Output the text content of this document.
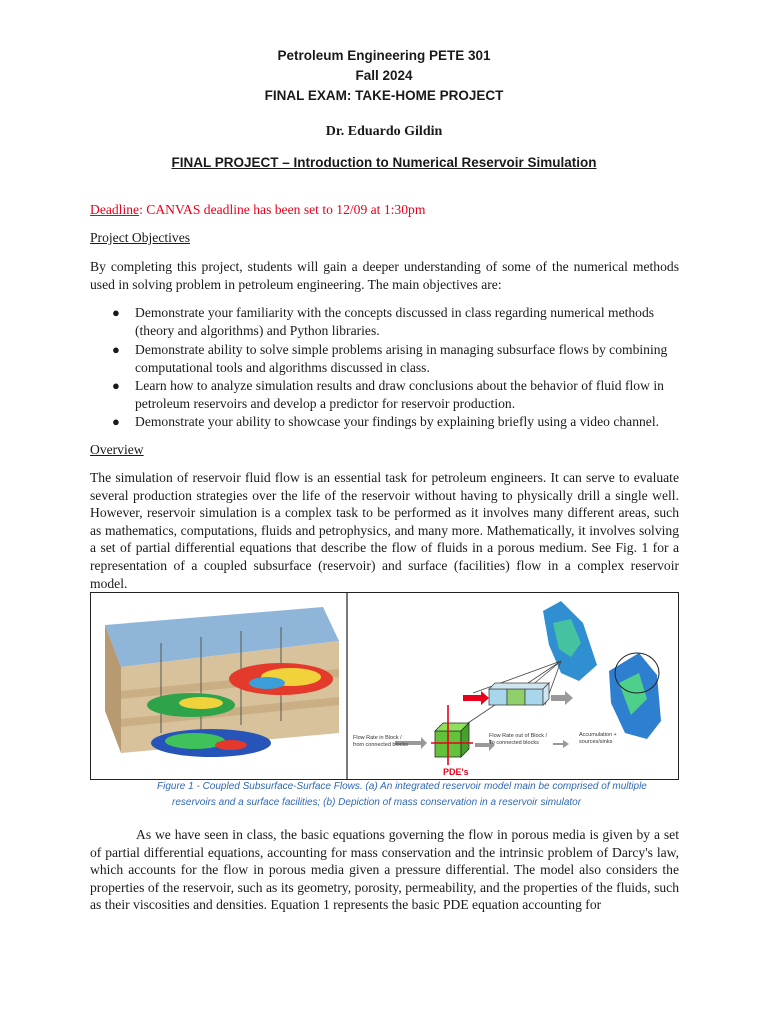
Petroleum Engineering PETE 301
Fall 2024
FINAL EXAM: TAKE-HOME PROJECT
Dr. Eduardo Gildin
FINAL PROJECT – Introduction to Numerical Reservoir Simulation
Deadline: CANVAS deadline has been set to 12/09 at 1:30pm
Project Objectives
By completing this project, students will gain a deeper understanding of some of the numerical methods used in solving problem in petroleum engineering. The main objectives are:
● Demonstrate your familiarity with the concepts discussed in class regarding numerical methods (theory and algorithms) and Python libraries.
● Demonstrate ability to solve simple problems arising in managing subsurface flows by combining computational tools and algorithms discussed in class.
● Learn how to analyze simulation results and draw conclusions about the behavior of fluid flow in petroleum reservoirs and develop a predictor for reservoir production.
● Demonstrate your ability to showcase your findings by explaining briefly using a video channel.
Overview
The simulation of reservoir fluid flow is an essential task for petroleum engineers. It can serve to evaluate several production strategies over the life of the reservoir without having to physically drill a single well. However, reservoir simulation is a complex task to be performed as it involves many different areas, such as mathematics, computations, fluids and petrophysics, and many more. Mathematically, it involves solving a set of partial differential equations that describe the flow of fluids in a porous medium. See Fig. 1 for a representation of a coupled subsurface (reservoir) and surface (facilities) flow in a complex reservoir model.
Flow Rate in Block /
from connected blocks
Flow Rate out of Block /
To connected blocks
Accumulation +
sources/sinks
PDE's
Figure 1 - Coupled Subsurface-Surface Flows. (a) An integrated reservoir model main be comprised of multiple
reservoirs and a surface facilities; (b) Depiction of mass conservation in a reservoir simulator
As we have seen in class, the basic equations governing the flow in porous media is given by a set of partial differential equations, accounting for mass conservation and the intrinsic problem of Darcy's law, which accounts for the flow in porous media given a pressure differential. The model also considers the properties of the reservoir, such as its geometry, porosity, permeability, and the properties of the fluids, such as their viscosities and densities. Equation 1 represents the basic PDE equation accounting for
